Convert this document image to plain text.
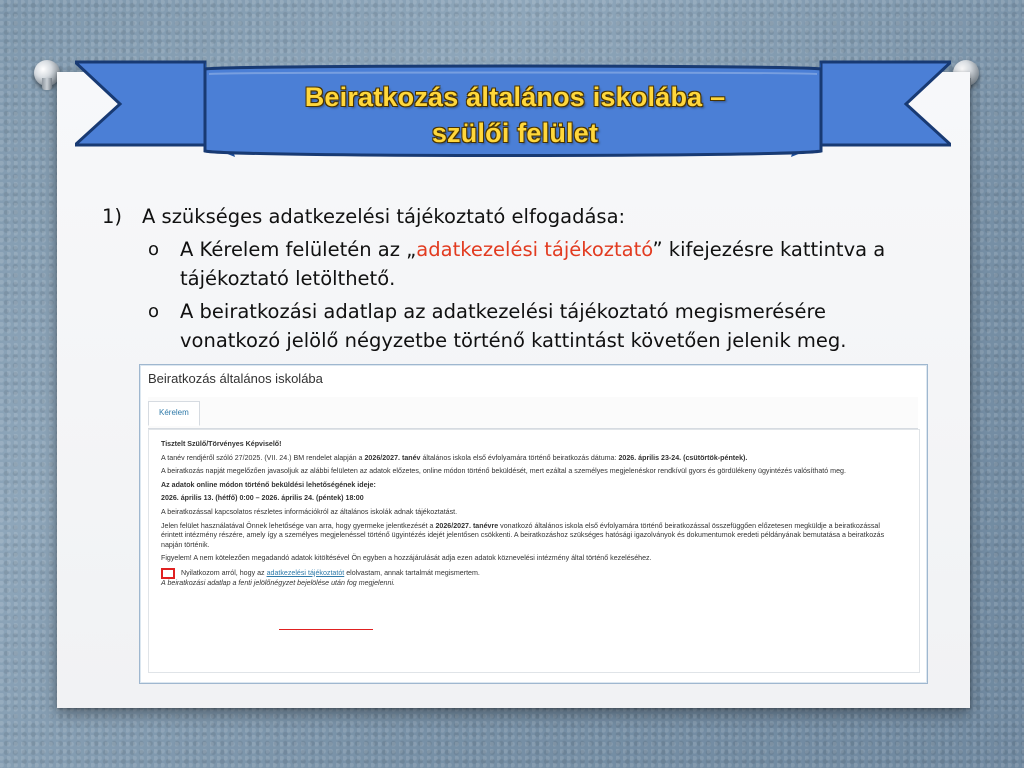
Beiratkozás általános iskolába –
szülői felület
1) A szükséges adatkezelési tájékoztató elfogadása:
o	A Kérelem felületén az „adatkezelési tájékoztató” kifejezésre kattintva a tájékoztató letölthető.
o	A beiratkozási adatlap az adatkezelési tájékoztató megismerésére vonatkozó jelölő négyzetbe történő kattintást követően jelenik meg.
Beiratkozás általános iskolába
Kérelem

Tisztelt Szülő/Törvényes Képviselő!

A tanév rendjéről szóló 27/2025. (VII. 24.) BM rendelet alapján a 2026/2027. tanév általános iskola első évfolyamára történő beiratkozás dátuma: 2026. április 23-24. (csütörtök-péntek).

A beiratkozás napját megelőzően javasoljuk az alábbi felületen az adatok előzetes, online módon történő beküldését, mert ezáltal a személyes megjelenéskor rendkívül gyors és gördülékeny ügyintézés valósítható meg.

Az adatok online módon történő beküldési lehetőségének ideje:

2026. április 13. (hétfő) 0:00 – 2026. április 24. (péntek) 18:00

A beiratkozással kapcsolatos részletes információkról az általános iskolák adnak tájékoztatást.

Jelen felület használatával Önnek lehetősége van arra, hogy gyermeke jelentkezését a 2026/2027. tanévre vonatkozó általános iskola első évfolyamára történő beiratkozással összefüggően előzetesen megküldje a beiratkozással érintett intézmény részére, amely így a személyes megjelenéssel történő ügyintézés idejét jelentősen csökkenti. A beiratkozáshoz szükséges hatósági igazolványok és dokumentumok eredeti példányának bemutatása a beiratkozás napján történik.

Figyelem! A nem kötelezően megadandó adatok kitöltésével Ön egyben a hozzájárulását adja ezen adatok köznevelési intézmény által történő kezeléséhez.

Nyilatkozom arról, hogy az adatkezelési tájékoztatót elolvastam, annak tartalmát megismertem.

A beiratkozási adatlap a fenti jelölőnégyzet bejelölése után fog megjelenni.
